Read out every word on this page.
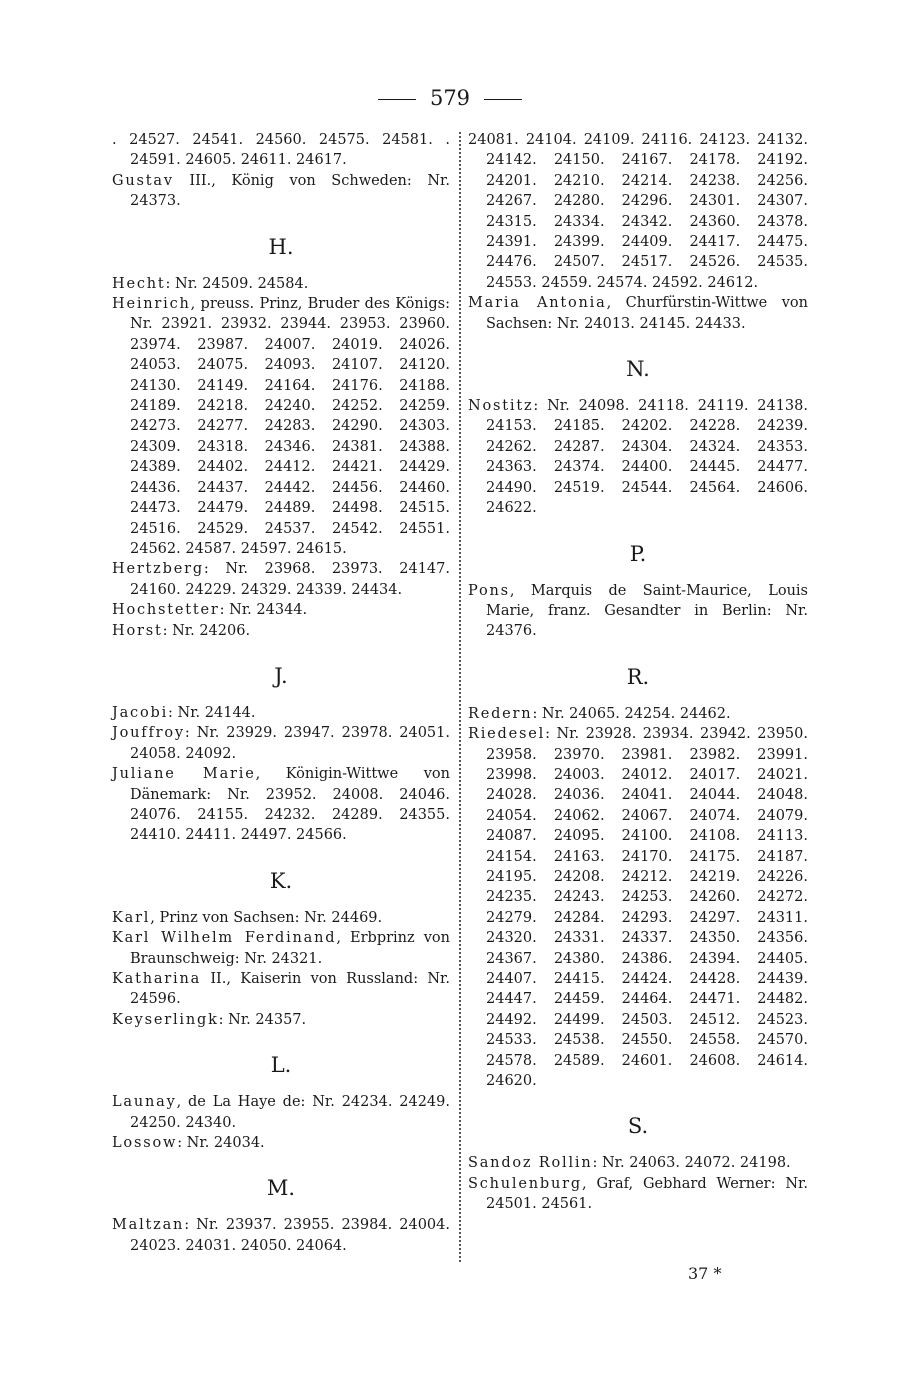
579

. 24527. 24541. 24560. 24575. 24581. . 24591. 24605. 24611. 24617.

Gustav III., König von Schweden: Nr. 24373.

H.

Hecht: Nr. 24509. 24584.

Heinrich, preuss. Prinz, Bruder des Königs: Nr. 23921. 23932. 23944. 23953. 23960. 23974. 23987. 24007. 24019. 24026. 24053. 24075. 24093. 24107. 24120. 24130. 24149. 24164. 24176. 24188. 24189. 24218. 24240. 24252. 24259. 24273. 24277. 24283. 24290. 24303. 24309. 24318. 24346. 24381. 24388. 24389. 24402. 24412. 24421. 24429. 24436. 24437. 24442. 24456. 24460. 24473. 24479. 24489. 24498. 24515. 24516. 24529. 24537. 24542. 24551. 24562. 24587. 24597. 24615.

Hertzberg: Nr. 23968. 23973. 24147. 24160. 24229. 24329. 24339. 24434.

Hochstetter: Nr. 24344.

Horst: Nr. 24206.

J.

Jacobi: Nr. 24144.

Jouffroy: Nr. 23929. 23947. 23978. 24051. 24058. 24092.

Juliane Marie, Königin-Wittwe von Dänemark: Nr. 23952. 24008. 24046. 24076. 24155. 24232. 24289. 24355. 24410. 24411. 24497. 24566.

K.

Karl, Prinz von Sachsen: Nr. 24469.

Karl Wilhelm Ferdinand, Erbprinz von Braunschweig: Nr. 24321.

Katharina II., Kaiserin von Russland: Nr. 24596.

Keyserlingk: Nr. 24357.

L.

Launay, de La Haye de: Nr. 24234. 24249. 24250. 24340.

Lossow: Nr. 24034.

M.

Maltzan: Nr. 23937. 23955. 23984. 24004. 24023. 24031. 24050. 24064.

24081. 24104. 24109. 24116. 24123. 24132. 24142. 24150. 24167. 24178. 24192. 24201. 24210. 24214. 24238. 24256. 24267. 24280. 24296. 24301. 24307. 24315. 24334. 24342. 24360. 24378. 24391. 24399. 24409. 24417. 24475. 24476. 24507. 24517. 24526. 24535. 24553. 24559. 24574. 24592. 24612.

Maria Antonia, Churfürstin-Wittwe von Sachsen: Nr. 24013. 24145. 24433.

N.

Nostitz: Nr. 24098. 24118. 24119. 24138. 24153. 24185. 24202. 24228. 24239. 24262. 24287. 24304. 24324. 24353. 24363. 24374. 24400. 24445. 24477. 24490. 24519. 24544. 24564. 24606. 24622.

P.

Pons, Marquis de Saint-Maurice, Louis Marie, franz. Gesandter in Berlin: Nr. 24376.

R.

Redern: Nr. 24065. 24254. 24462.

Riedesel: Nr. 23928. 23934. 23942. 23950. 23958. 23970. 23981. 23982. 23991. 23998. 24003. 24012. 24017. 24021. 24028. 24036. 24041. 24044. 24048. 24054. 24062. 24067. 24074. 24079. 24087. 24095. 24100. 24108. 24113. 24154. 24163. 24170. 24175. 24187. 24195. 24208. 24212. 24219. 24226. 24235. 24243. 24253. 24260. 24272. 24279. 24284. 24293. 24297. 24311. 24320. 24331. 24337. 24350. 24356. 24367. 24380. 24386. 24394. 24405. 24407. 24415. 24424. 24428. 24439. 24447. 24459. 24464. 24471. 24482. 24492. 24499. 24503. 24512. 24523. 24533. 24538. 24550. 24558. 24570. 24578. 24589. 24601. 24608. 24614. 24620.

S.

Sandoz Rollin: Nr. 24063. 24072. 24198.

Schulenburg, Graf, Gebhard Werner: Nr. 24501. 24561.

37 *
